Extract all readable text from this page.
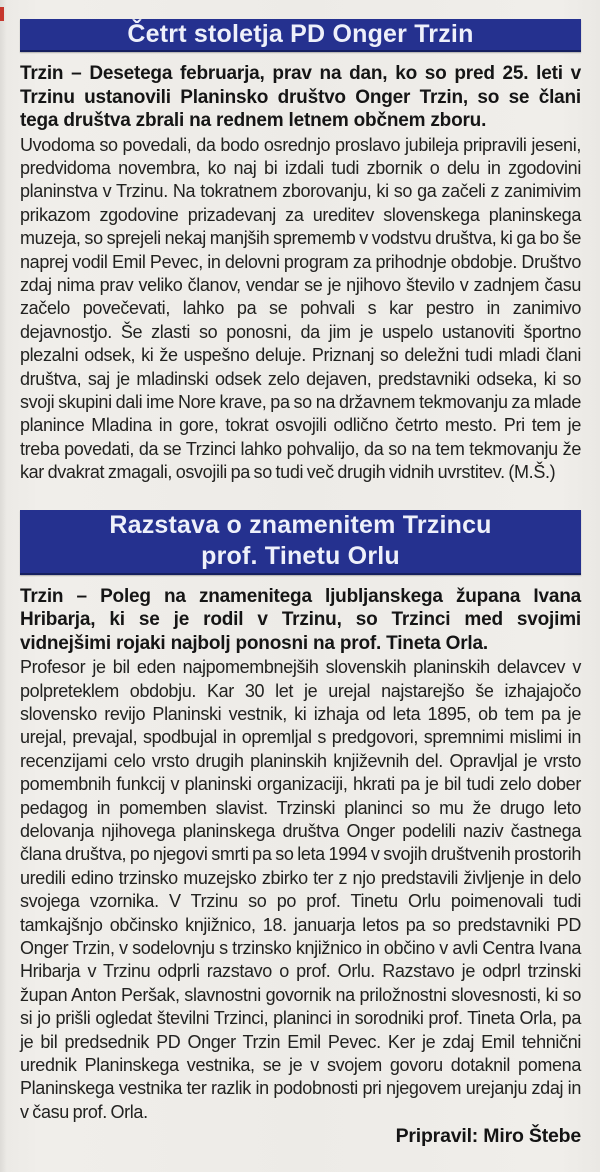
Četrt stoletja PD Onger Trzin

Trzin – Desetega februarja, prav na dan, ko so pred 25. leti v Trzinu ustanovili Planinsko društvo Onger Trzin, so se člani tega društva zbrali na rednem letnem občnem zboru.

Uvodoma so povedali, da bodo osrednjo proslavo jubileja pripravili jeseni, predvidoma novembra, ko naj bi izdali tudi zbornik o delu in zgodovini planinstva v Trzinu. Na tokratnem zborovanju, ki so ga začeli z zanimivim prikazom zgodovine prizadevanj za ureditev slovenskega planinskega muzeja, so sprejeli nekaj manjših sprememb v vodstvu društva, ki ga bo še naprej vodil Emil Pevec, in delovni program za prihodnje obdobje. Društvo zdaj nima prav veliko članov, vendar se je njihovo število v zadnjem času začelo povečevati, lahko pa se pohvali s kar pestro in zanimivo dejavnostjo. Še zlasti so ponosni, da jim je uspelo ustanoviti športno plezalni odsek, ki že uspešno deluje. Priznanj so deležni tudi mladi člani društva, saj je mladinski odsek zelo dejaven, predstavniki odseka, ki so svoji skupini dali ime Nore krave, pa so na državnem tekmovanju za mlade planince Mladina in gore, tokrat osvojili odlično četrto mesto. Pri tem je treba povedati, da se Trzinci lahko pohvalijo, da so na tem tekmovanju že kar dvakrat zmagali, osvojili pa so tudi več drugih vidnih uvrstitev. (M.Š.)

Razstava o znamenitem Trzincu
prof. Tinetu Orlu

Trzin – Poleg na znamenitega ljubljanskega župana Ivana Hribarja, ki se je rodil v Trzinu, so Trzinci med svojimi vidnejšimi rojaki najbolj ponosni na prof. Tineta Orla.

Profesor je bil eden najpomembnejših slovenskih planinskih delavcev v polpreteklem obdobju. Kar 30 let je urejal najstarejšo še izhajajočo slovensko revijo Planinski vestnik, ki izhaja od leta 1895, ob tem pa je urejal, prevajal, spodbujal in opremljal s predgovori, spremnimi mislimi in recenzijami celo vrsto drugih planinskih književnih del. Opravljal je vrsto pomembnih funkcij v planinski organizaciji, hkrati pa je bil tudi zelo dober pedagog in pomemben slavist. Trzinski planinci so mu že drugo leto delovanja njihovega planinskega društva Onger podelili naziv častnega člana društva, po njegovi smrti pa so leta 1994 v svojih društvenih prostorih uredili edino trzinsko muzejsko zbirko ter z njo predstavili življenje in delo svojega vzornika. V Trzinu so po prof. Tinetu Orlu poimenovali tudi tamkajšnjo občinsko knjižnico, 18. januarja letos pa so predstavniki PD Onger Trzin, v sodelovnju s trzinsko knjižnico in občino v avli Centra Ivana Hribarja v Trzinu odprli razstavo o prof. Orlu. Razstavo je odprl trzinski župan Anton Peršak, slavnostni govornik na priložnostni slovesnosti, ki so si jo prišli ogledat številni Trzinci, planinci in sorodniki prof. Tineta Orla, pa je bil predsednik PD Onger Trzin Emil Pevec. Ker je zdaj Emil tehnični urednik Planinskega vestnika, se je v svojem govoru dotaknil pomena Planinskega vestnika ter razlik in podobnosti pri njegovem urejanju zdaj in v času prof. Orla.

Pripravil: Miro Štebe
